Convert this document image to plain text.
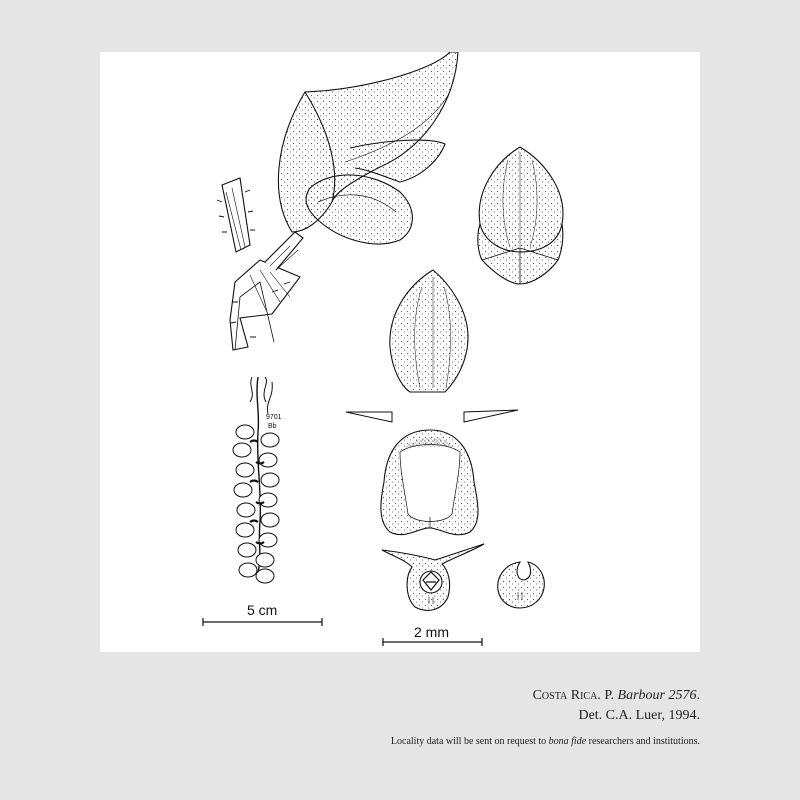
9701
Bb
5 cm
2 mm
Costa Rica. P. Barbour 2576.
Det. C.A. Luer, 1994.
Locality data will be sent on request to bona fide researchers and institutions.
